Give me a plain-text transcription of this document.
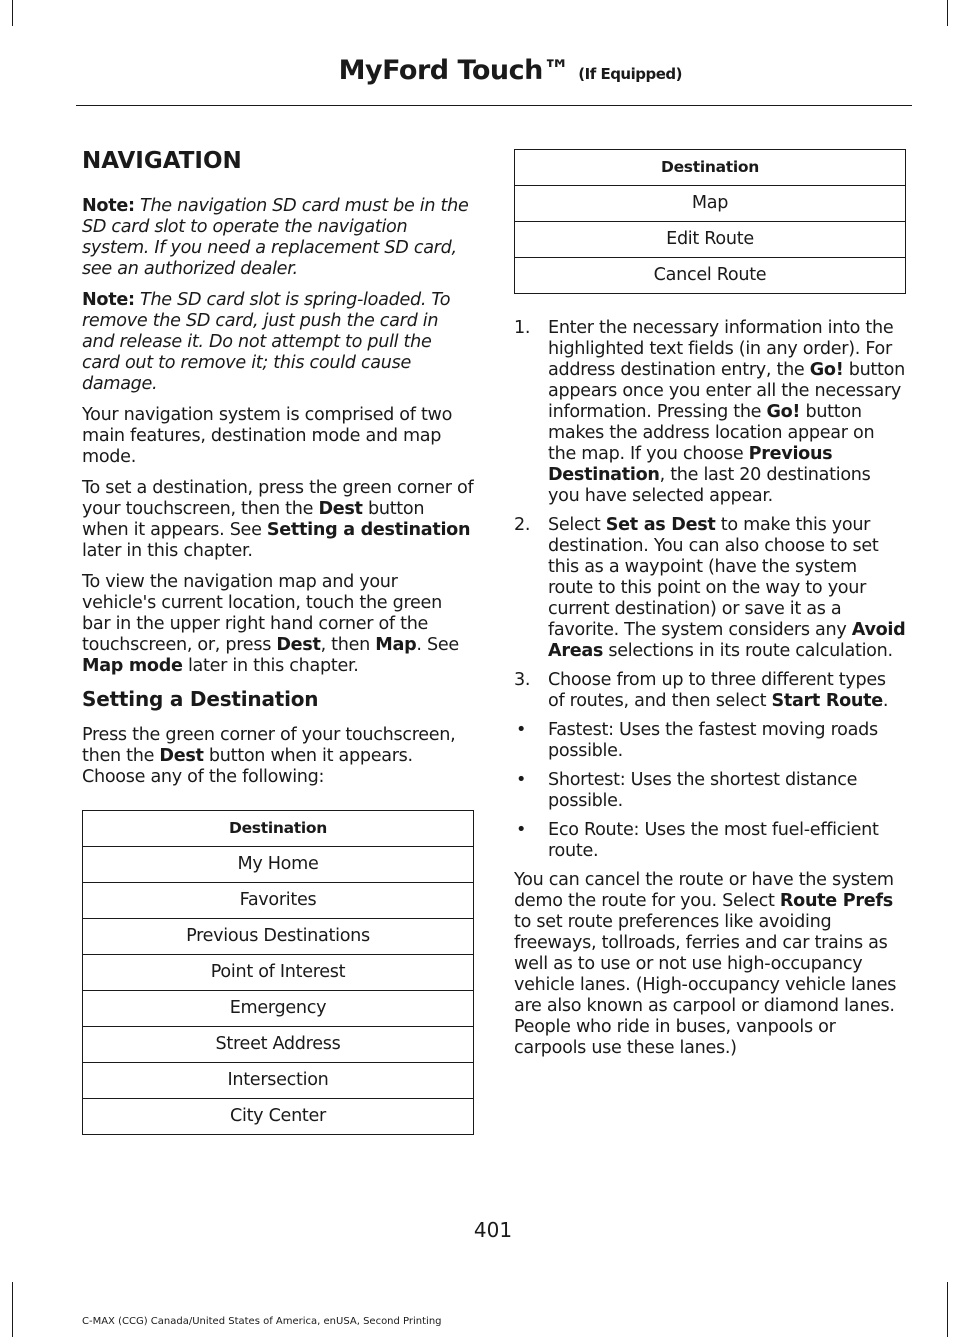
MyFord Touch™ (If Equipped)
NAVIGATION

Note: The navigation SD card must be in the SD card slot to operate the navigation system. If you need a replacement SD card, see an authorized dealer.

Note: The SD card slot is spring-loaded. To remove the SD card, just push the card in and release it. Do not attempt to pull the card out to remove it; this could cause damage.

Your navigation system is comprised of two main features, destination mode and map mode.

To set a destination, press the green corner of your touchscreen, then the Dest button when it appears. See Setting a destination later in this chapter.

To view the navigation map and your vehicle's current location, touch the green bar in the upper right hand corner of the touchscreen, or, press Dest, then Map. See Map mode later in this chapter.

Setting a Destination

Press the green corner of your touchscreen, then the Dest button when it appears. Choose any of the following:

Destination
My Home
Favorites
Previous Destinations
Point of Interest
Emergency
Street Address
Intersection
City Center
Destination
Map
Edit Route
Cancel Route
1. Enter the necessary information into the highlighted text fields (in any order). For address destination entry, the Go! button appears once you enter all the necessary information. Pressing the Go! button makes the address location appear on the map. If you choose Previous Destination, the last 20 destinations you have selected appear.
2. Select Set as Dest to make this your destination. You can also choose to set this as a waypoint (have the system route to this point on the way to your current destination) or save it as a favorite. The system considers any Avoid Areas selections in its route calculation.
3. Choose from up to three different types of routes, and then select Start Route.
• Fastest: Uses the fastest moving roads possible.
• Shortest: Uses the shortest distance possible.
• Eco Route: Uses the most fuel-efficient route.

You can cancel the route or have the system demo the route for you. Select Route Prefs to set route preferences like avoiding freeways, tollroads, ferries and car trains as well as to use or not use high-occupancy vehicle lanes. (High-occupancy vehicle lanes are also known as carpool or diamond lanes. People who ride in buses, vanpools or carpools use these lanes.)

401
C-MAX (CCG) Canada/United States of America, enUSA, Second Printing
